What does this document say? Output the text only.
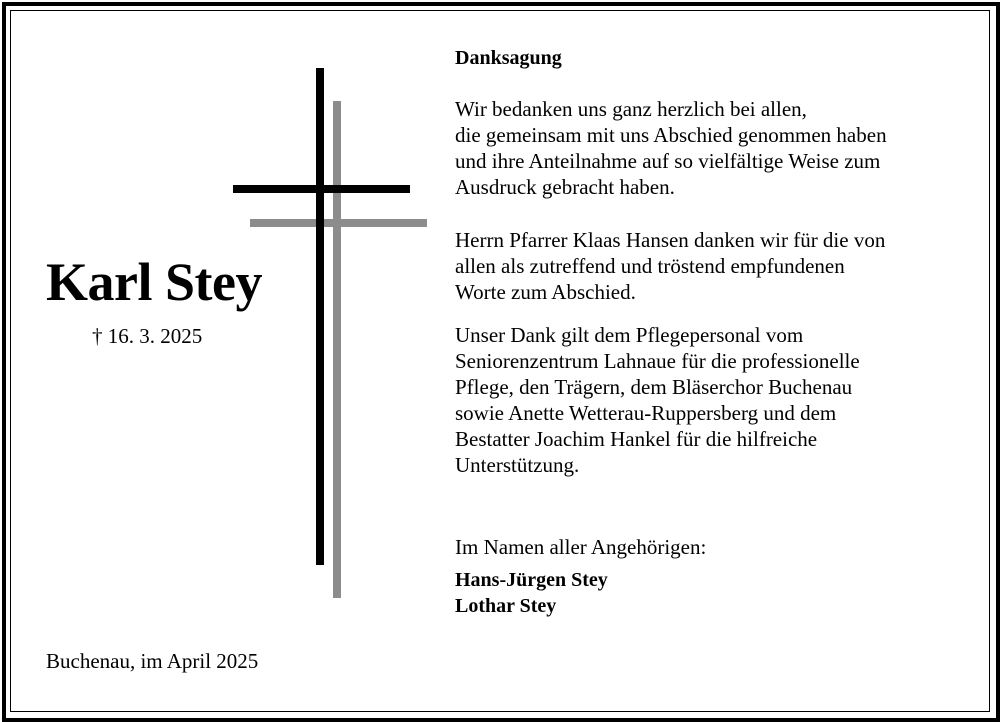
Karl Stey
† 16. 3. 2025
Buchenau, im April 2025
Danksagung
Wir bedanken uns ganz herzlich bei allen,
die gemeinsam mit uns Abschied genommen haben
und ihre Anteilnahme auf so vielfältige Weise zum
Ausdruck gebracht haben.
Herrn Pfarrer Klaas Hansen danken wir für die von
allen als zutreffend und tröstend empfundenen
Worte zum Abschied.
Unser Dank gilt dem Pflegepersonal vom
Seniorenzentrum Lahnaue für die professionelle
Pflege, den Trägern, dem Bläserchor Buchenau
sowie Anette Wetterau-Ruppersberg und dem
Bestatter Joachim Hankel für die hilfreiche
Unterstützung.
Im Namen aller Angehörigen:
Hans-Jürgen Stey
Lothar Stey
